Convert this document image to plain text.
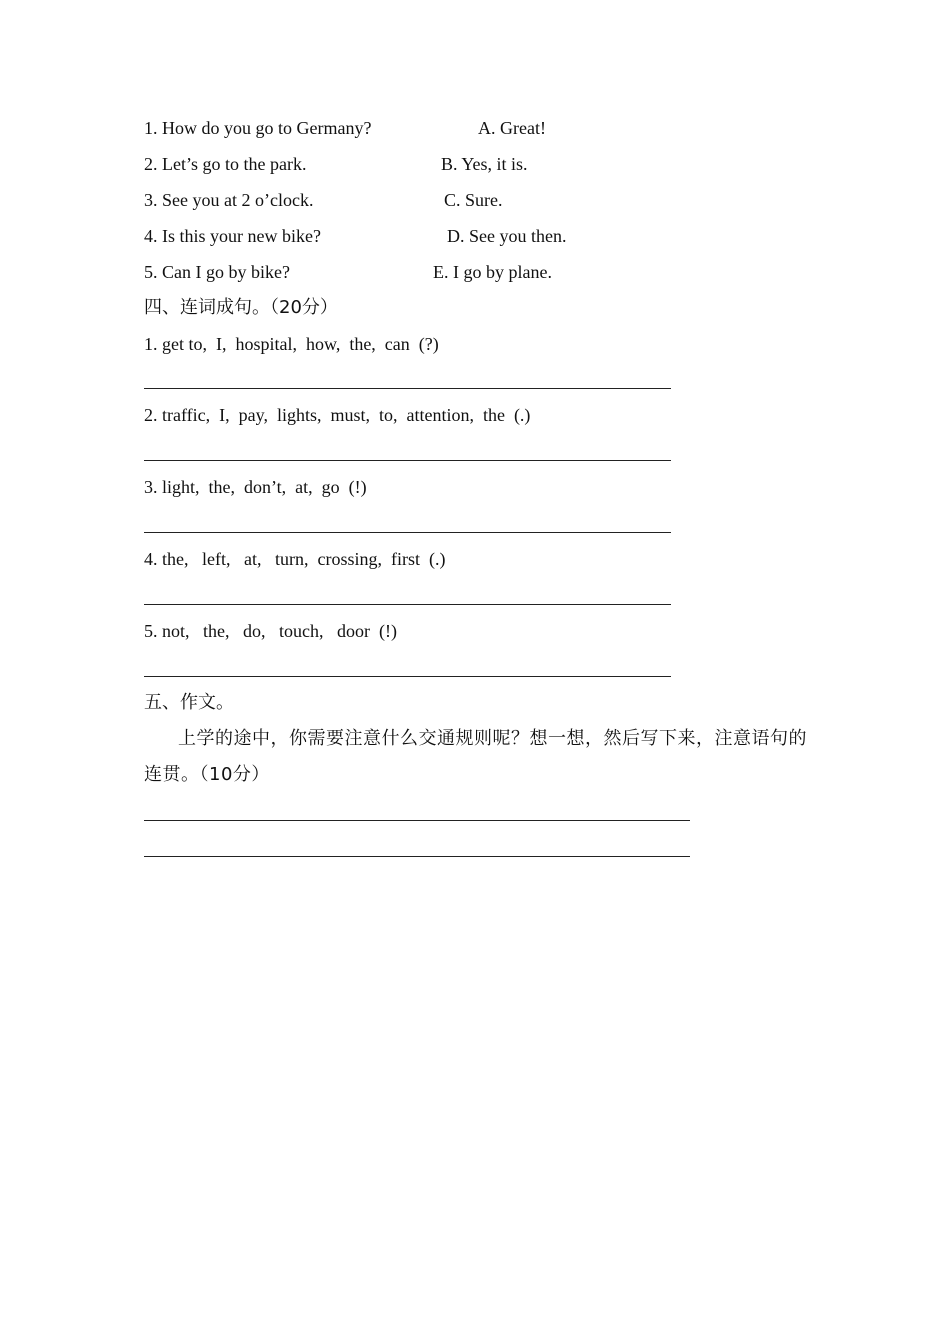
1. How do you go to Germany?	A. Great!
2. Let’s go to the park.	B. Yes, it is.
3. See you at 2 o’clock.	C. Sure.
4. Is this your new bike?	D. See you then.
5. Can I go by bike?	E. I go by plane.
四、连词成句。（20分）
1. get to,  I,  hospital,  how,  the,  can  (?)
2. traffic,  I,  pay,  lights,  must,  to,  attention,  the  (.)
3. light,  the,  don’t,  at,  go  (!)
4. the,   left,   at,   turn,  crossing,  first  (.)
5. not,   the,   do,   touch,   door  (!)
五、作文。
上学的途中，你需要注意什么交通规则呢？想一想，然后写下来，注意语句的连贯。（10分）
